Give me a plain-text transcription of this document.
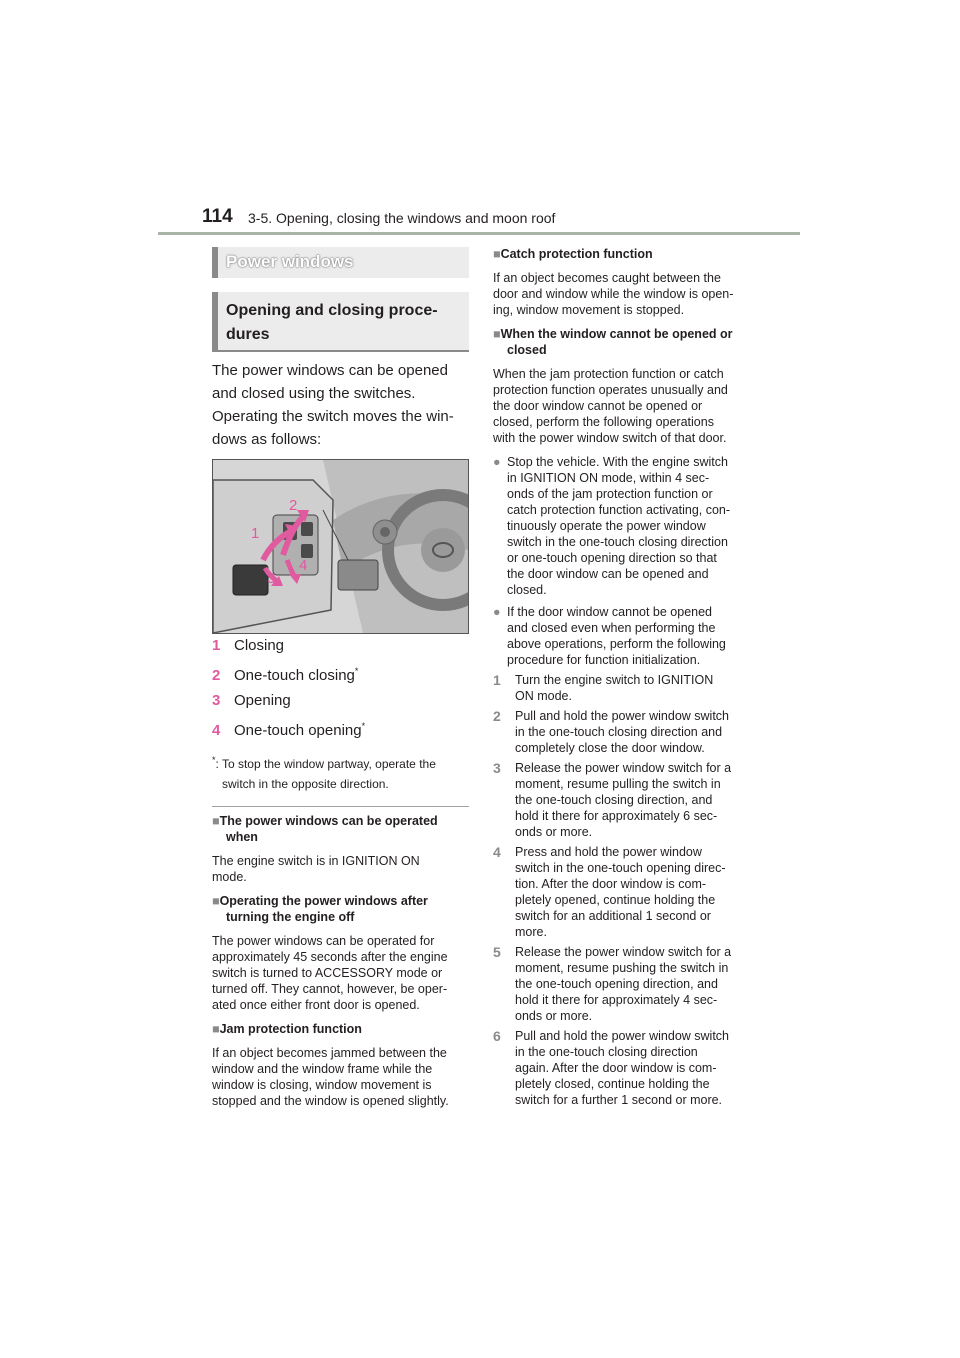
114 3-5. Opening, closing the windows and moon roof
Power windows
Opening and closing proce-
dures
The power windows can be opened
and closed using the switches.
Operating the switch moves the win-
dows as follows:
1
2
3
4
1 Closing
2 One-touch closing*
3 Opening
4 One-touch opening*
*: To stop the window partway, operate the
switch in the opposite direction.
■The power windows can be operated
when
The engine switch is in IGNITION ON
mode.
■Operating the power windows after
turning the engine off
The power windows can be operated for
approximately 45 seconds after the engine
switch is turned to ACCESSORY mode or
turned off. They cannot, however, be oper-
ated once either front door is opened.
■Jam protection function
If an object becomes jammed between the
window and the window frame while the
window is closing, window movement is
stopped and the window is opened slightly.
■Catch protection function
If an object becomes caught between the
door and window while the window is open-
ing, window movement is stopped.
■When the window cannot be opened or
closed
When the jam protection function or catch
protection function operates unusually and
the door window cannot be opened or
closed, perform the following operations
with the power window switch of that door.
● Stop the vehicle. With the engine switch
in IGNITION ON mode, within 4 sec-
onds of the jam protection function or
catch protection function activating, con-
tinuously operate the power window
switch in the one-touch closing direction
or one-touch opening direction so that
the door window can be opened and
closed.
● If the door window cannot be opened
and closed even when performing the
above operations, perform the following
procedure for function initialization.
1 Turn the engine switch to IGNITION
ON mode.
2 Pull and hold the power window switch
in the one-touch closing direction and
completely close the door window.
3 Release the power window switch for a
moment, resume pulling the switch in
the one-touch closing direction, and
hold it there for approximately 6 sec-
onds or more.
4 Press and hold the power window
switch in the one-touch opening direc-
tion. After the door window is com-
pletely opened, continue holding the
switch for an additional 1 second or
more.
5 Release the power window switch for a
moment, resume pushing the switch in
the one-touch opening direction, and
hold it there for approximately 4 sec-
onds or more.
6 Pull and hold the power window switch
in the one-touch closing direction
again. After the door window is com-
pletely closed, continue holding the
switch for a further 1 second or more.
